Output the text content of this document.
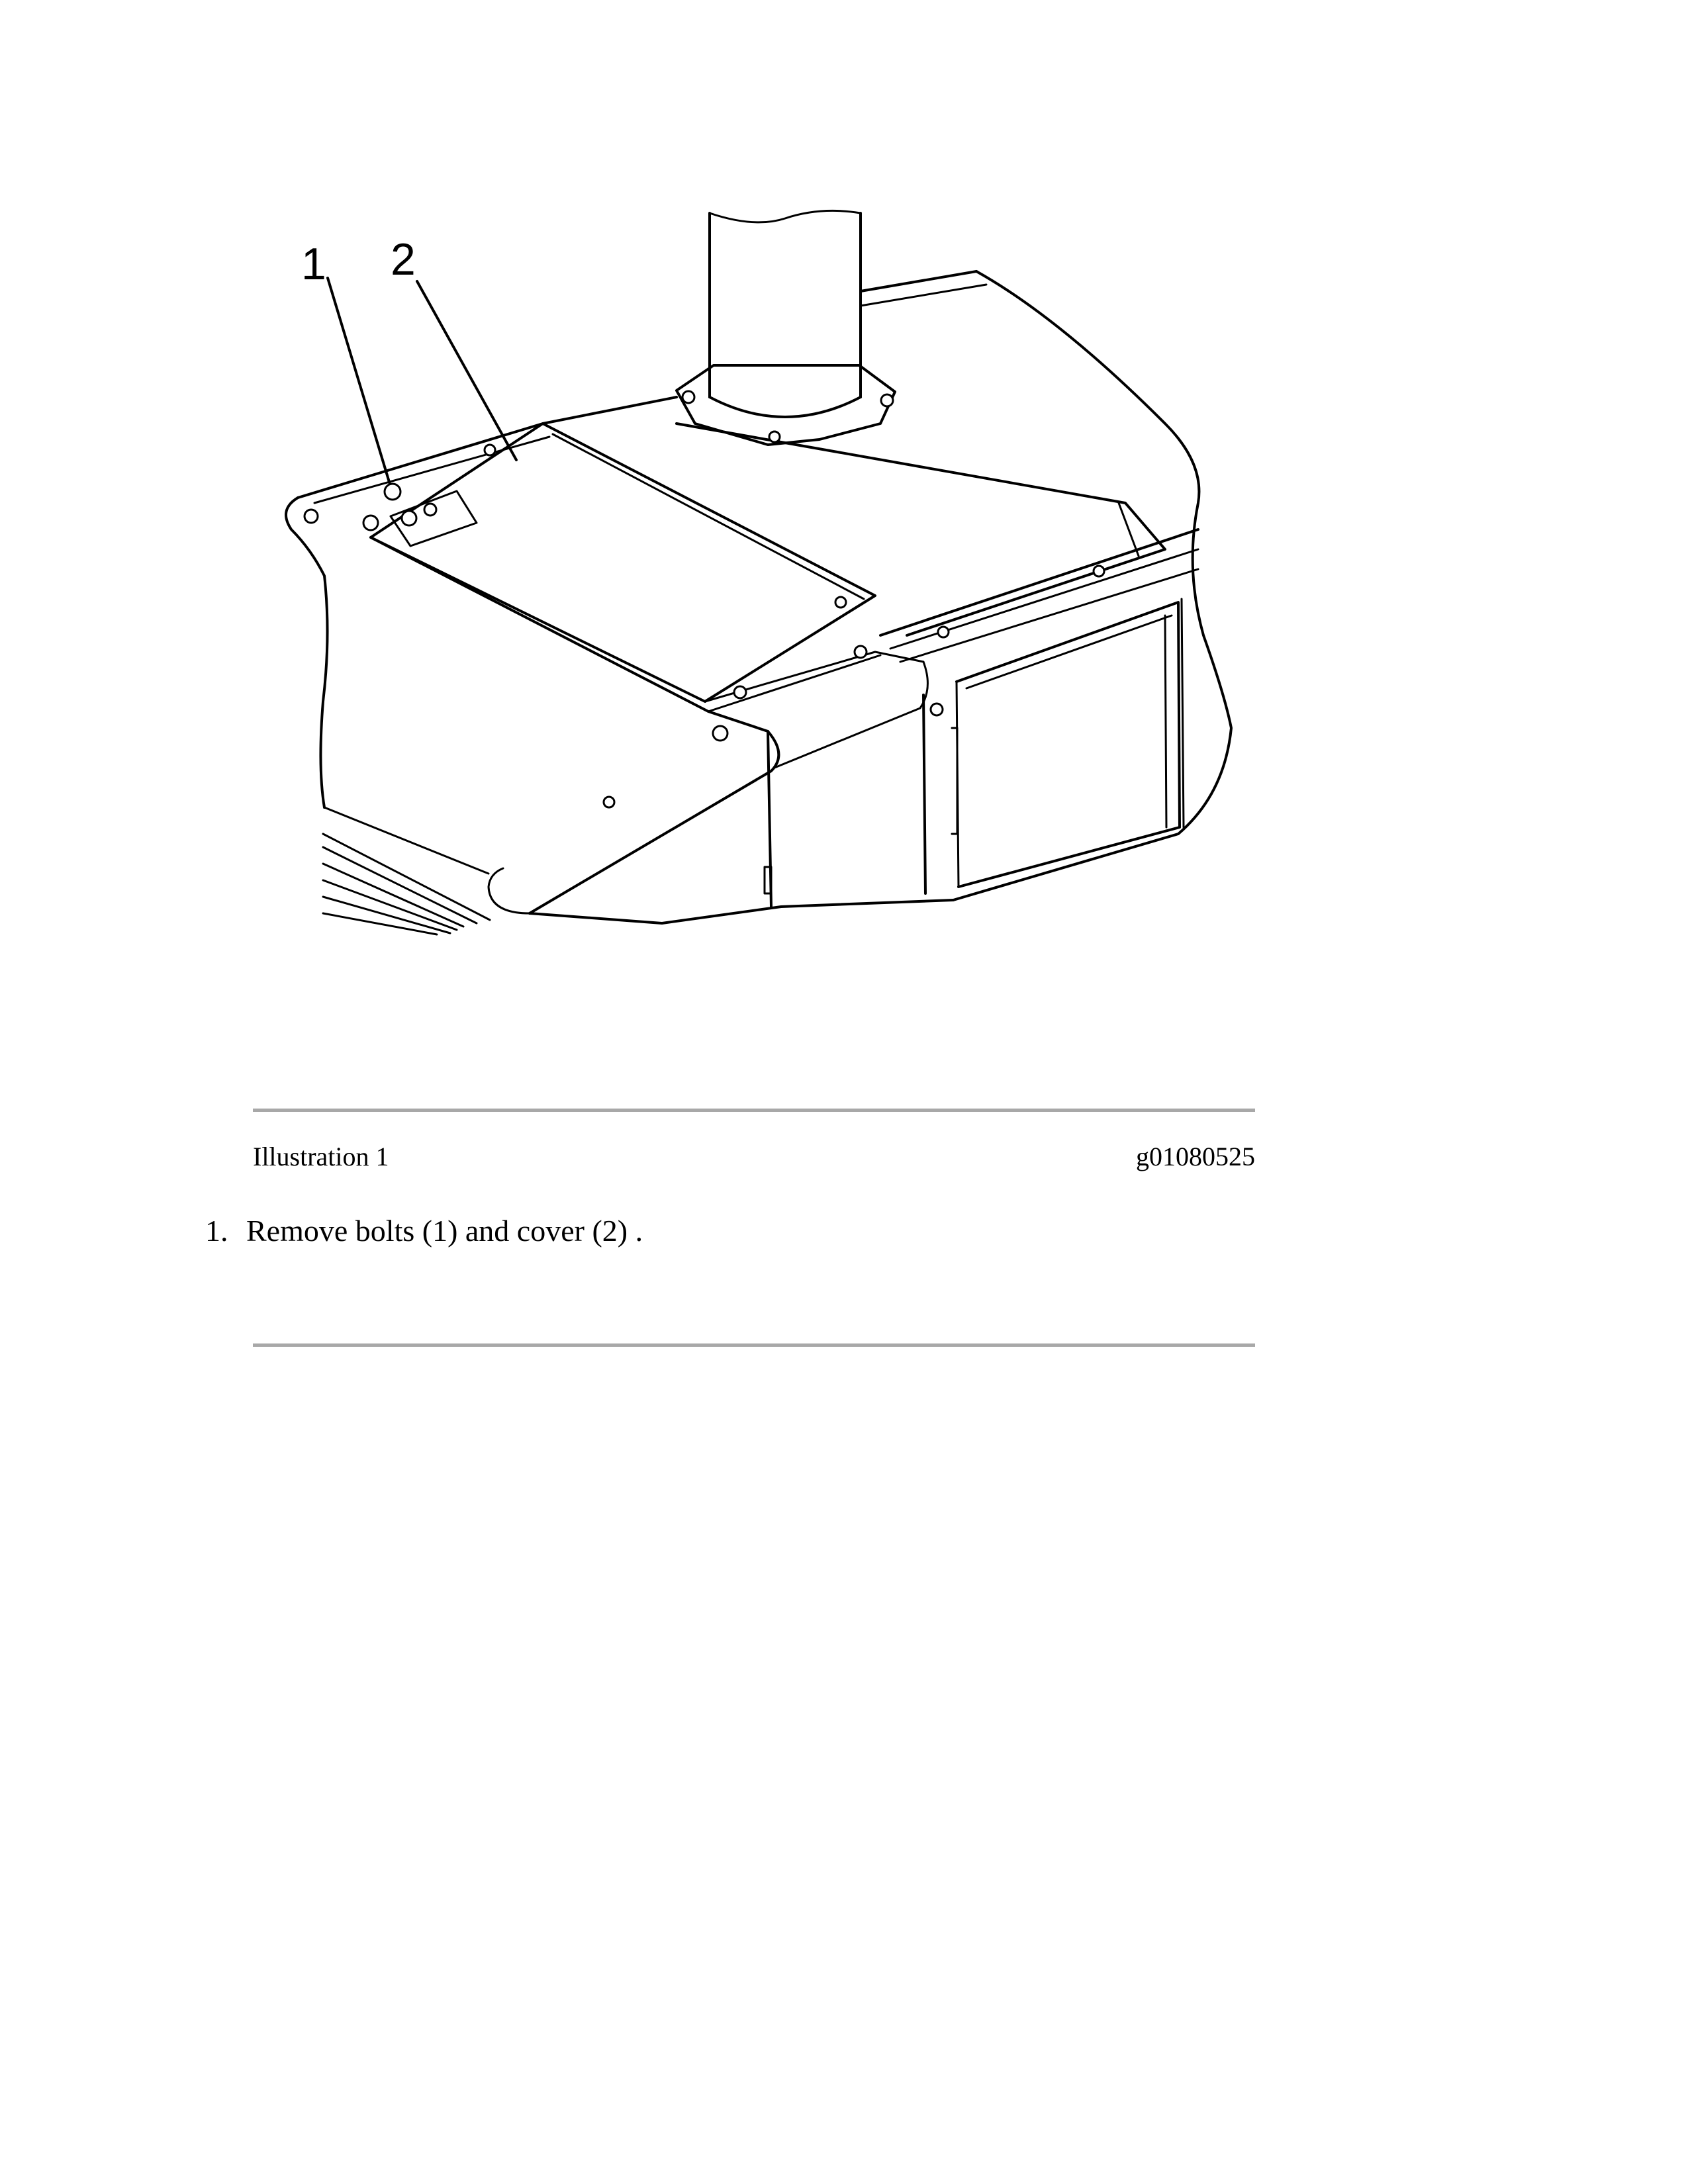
1 2
Illustration 1	g01080525
1. Remove bolts (1) and cover (2) .
